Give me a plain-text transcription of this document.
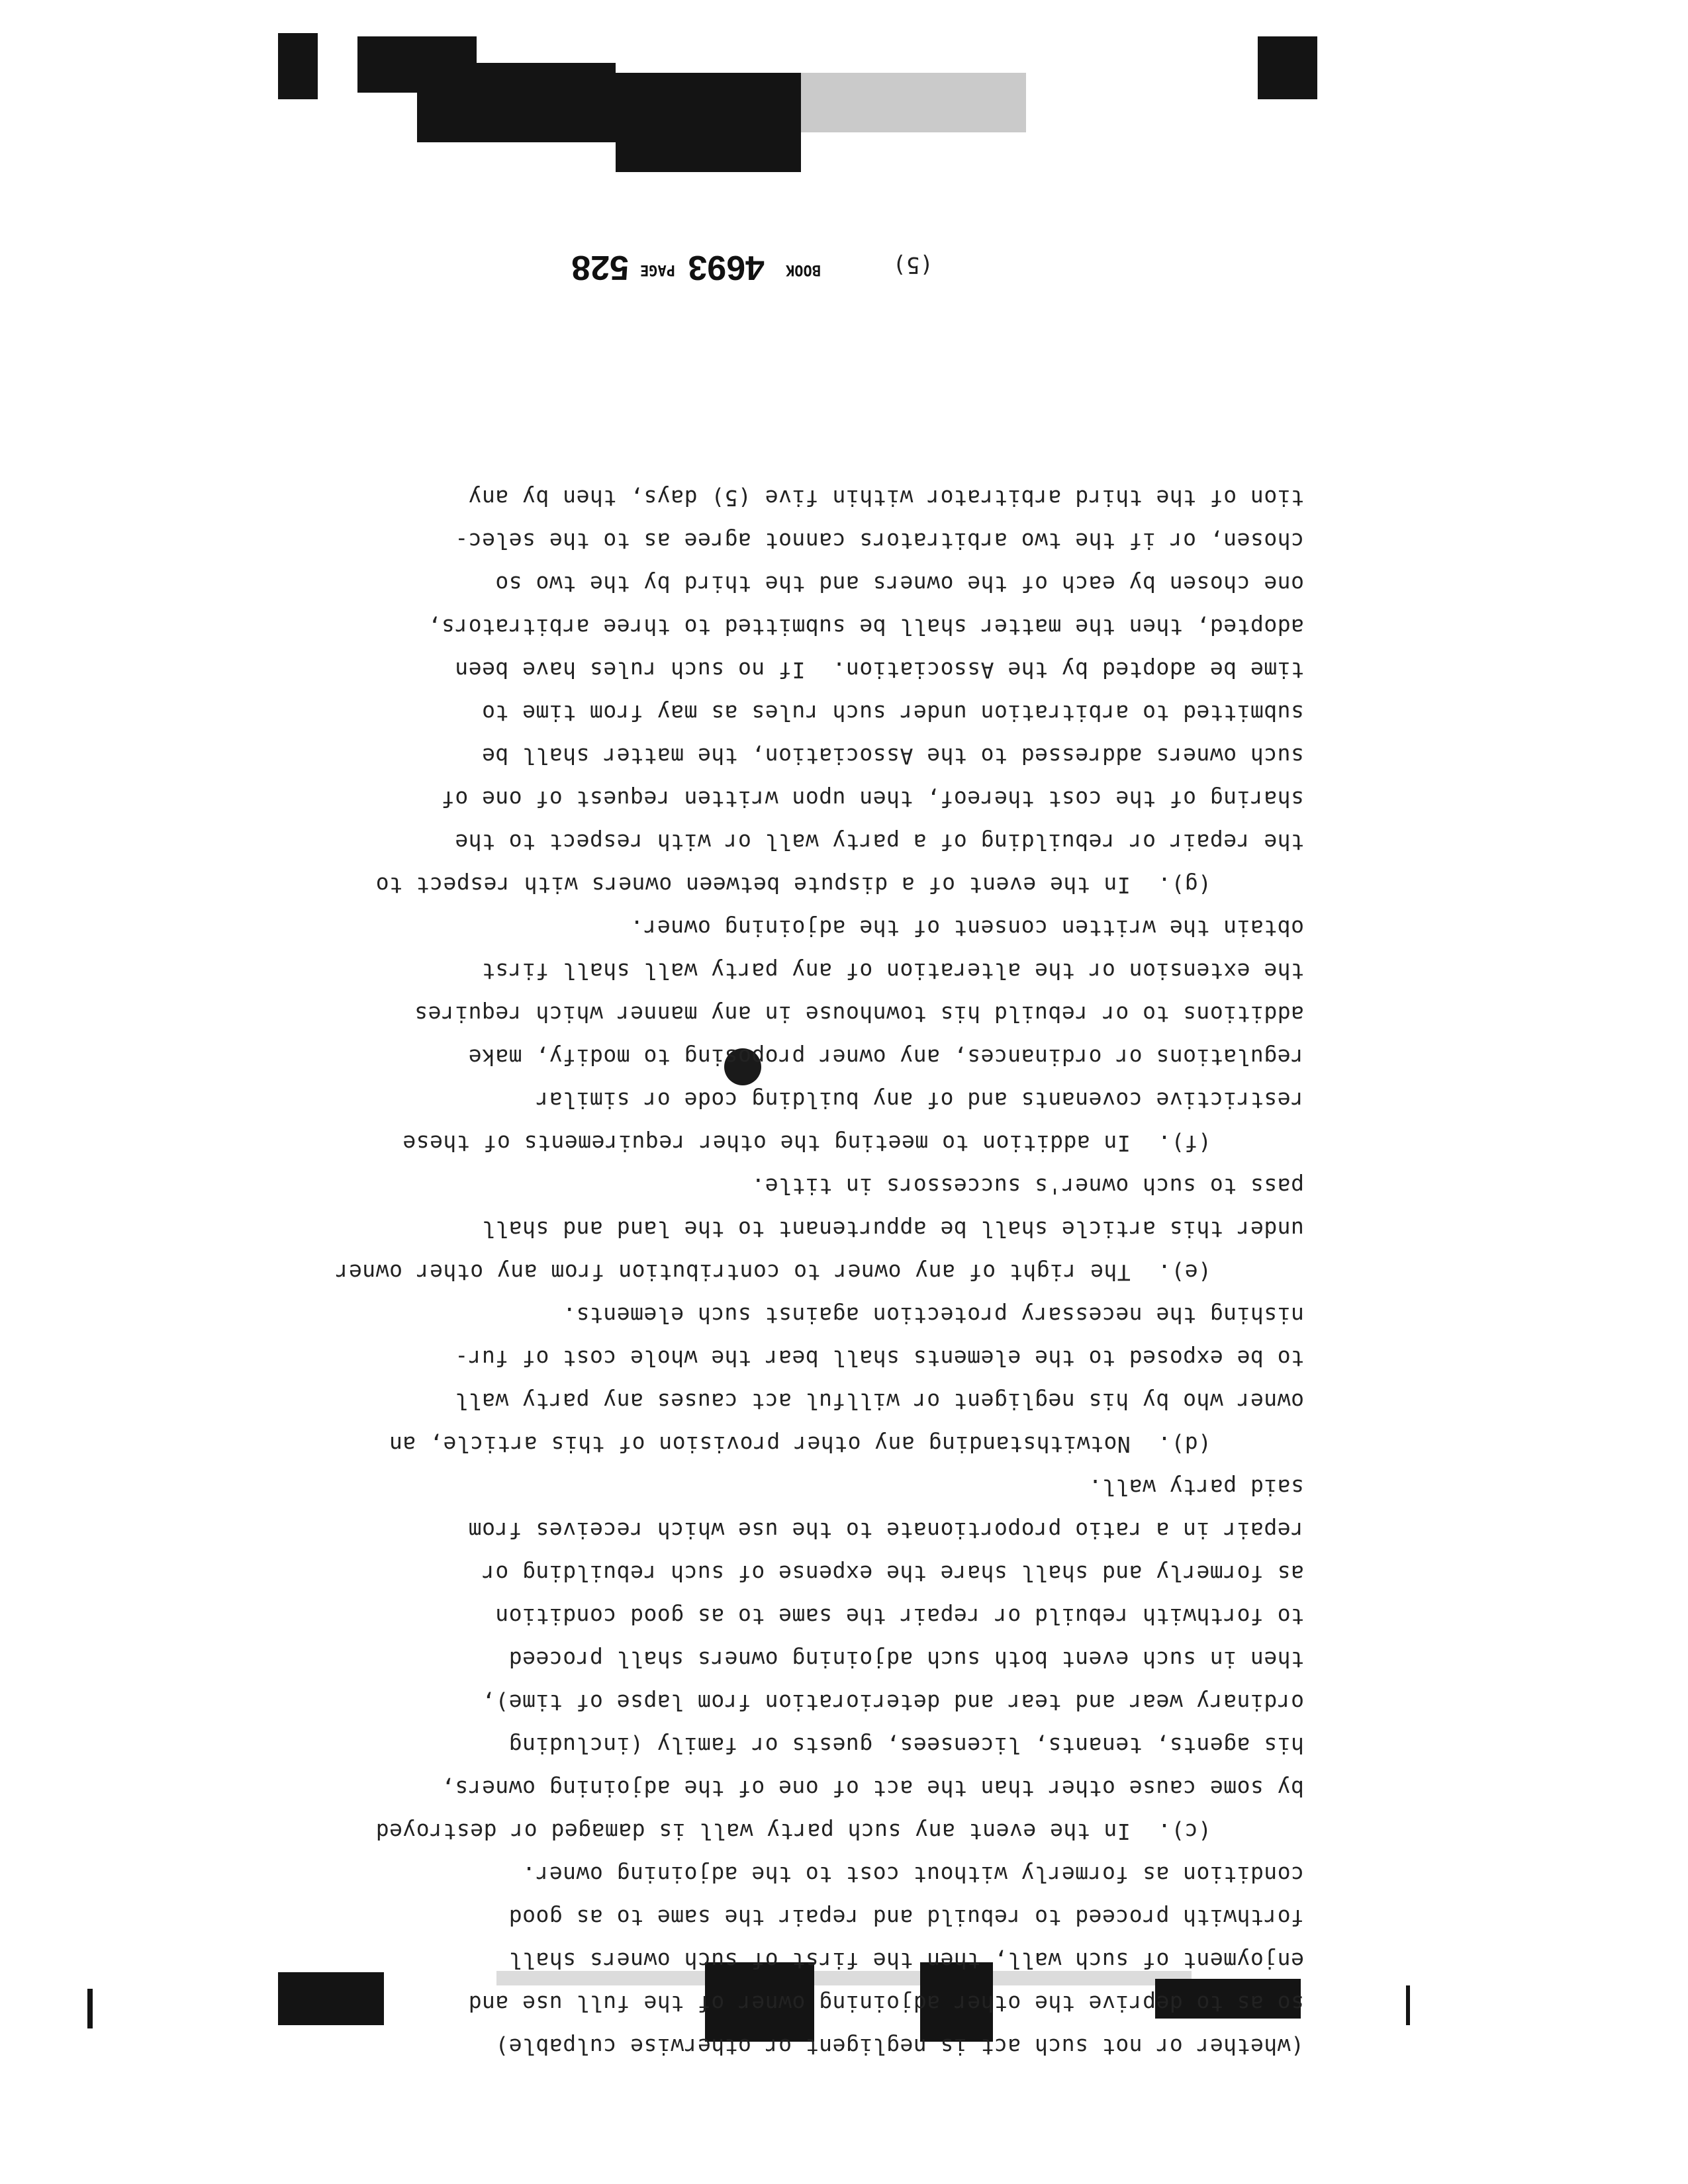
(whether or not such act is negligent or otherwise culpable)
so as to deprive the other adjoining owner of the full use and
enjoyment of such wall, then the first of such owners shall
forthwith proceed to rebuild and repair the same to as good
condition as formerly without cost to the adjoining owner.
(c).  In the event any such party wall is damaged or destroyed
by some cause other than the act of one of the adjoining owners,
his agents, tenants, licensees, guests or family (including
ordinary wear and tear and deterioration from lapse of time),
then in such event both such adjoining owners shall proceed
to forthwith rebuild or repair the same to as good condition
as formerly and shall share the expense of such rebuilding or
repair in a ratio proportionate to the use which receives from
said party wall.
(d).  Notwithstanding any other provision of this article, an
owner who by his negligent or willful act causes any party wall
to be exposed to the elements shall bear the whole cost of fur-
nishing the necessary protection against such elements.
(e).  The right of any owner to contribution from any other owner
under this article shall be appurtenant to the land and shall
pass to such owner's successors in title.
(f).  In addition to meeting the other requirements of these
restrictive covenants and of any building code or similar
regulations or ordinances, any owner proposing to modify, make
additions to or rebuild his townhouse in any manner which requires
the extension or the alteration of any party wall shall first
obtain the written consent of the adjoining owner.
(g).  In the event of a dispute between owners with respect to
the repair or rebuilding of a party wall or with respect to the
sharing of the cost thereof, then upon written request of one of
such owners addressed to the Association, the matter shall be
submitted to arbitration under such rules as may from time to
time be adopted by the Association.  If no such rules have been
adopted, then the matter shall be submitted to three arbitrators,
one chosen by each of the owners and the third by the two so
chosen, or if the two arbitrators cannot agree as to the selec-
tion of the third arbitrator within five (5) days, then by any
(5)
BOOK
4693
PAGE
528
